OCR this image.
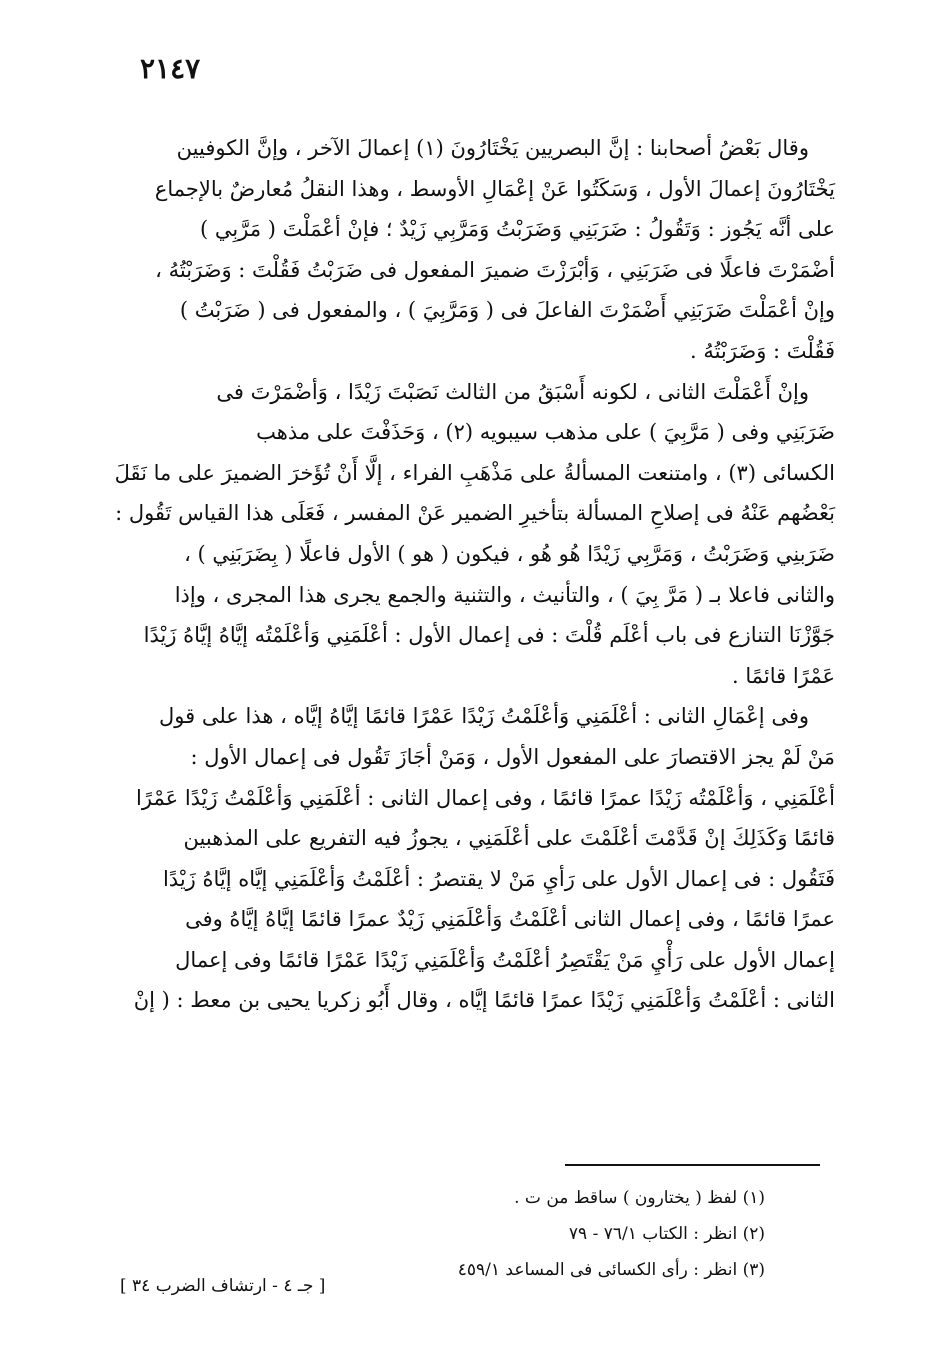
٢١٤٧

وقال بَعْضُ أصحابنا : إنَّ البصريين يَخْتَارُونَ (١) إعمالَ الآخر ، وإنَّ الكوفيين
يَخْتَارُونَ إعمالَ الأول ، وَسَكَتُوا عَنْ إعْمَالِ الأوسط ، وهذا النقلُ مُعارضٌ بالإجماع
على أنَّه يَجُوز : وَتَقُولُ : ضَرَبَنِي وَضَرَبْتُ وَمَرَّبِي زَيْدٌ ؛ فإنْ أعْمَلْتَ ( مَرَّبِي )
أضْمَرْتَ فاعلًا فى ضَرَبَنِي ، وَأبْرَزْتَ ضميرَ المفعول فى ضَرَبْتُ فَقُلْتَ : وَضَرَبْتُهُ ،
وإنْ أعْمَلْتَ ضَرَبَنِي أَضْمَرْتَ الفاعلَ فى ( وَمَرَّبِيَ ) ، والمفعول فى ( ضَرَبْتُ )
فَقُلْتَ : وَضَرَبْتُهُ .

وإنْ أَعْمَلْتَ الثانى ، لكونه أَسْبَقُ من الثالث نَصَبْتَ زَيْدًا ، وَأضْمَرْتَ فى
ضَرَبَنِي وفى ( مَرَّبِيَ ) على مذهب سيبويه (٢) ، وَحَذَفْتَ على مذهب
الكسائى (٣) ، وامتنعت المسألةُ على مَذْهَبِ الفراء ، إلَّا أَنْ تُؤَخرَ الضميرَ على ما نَقَلَ
بَعْضُهم عَنْهُ فى إصلاحِ المسألة بتأخيرِ الضمير عَنْ المفسر ، فَعَلَى هذا القياس تَقُول :
ضَرَبنِي وَضَرَبْتُ ، وَمَرَّبِي زَيْدًا هُو هُو ، فيكون ( هو ) الأول فاعلًا ( بِضَرَبَنِي ) ،
والثانى فاعلا بـ ( مَرَّ بِيَ ) ، والتأنيث ، والتثنية والجمع يجرى هذا المجرى ، وإذا
جَوَّزْنَا التنازع فى باب أعْلَم قُلْتَ : فى إعمال الأول : أعْلَمَنِي وَأعْلَمْتُه إيَّاهُ إيَّاهُ زَيْدًا
عَمْرًا قائمًا .

وفى إعْمَالِ الثانى : أعْلَمَنِي وَأعْلَمْتُ زَيْدًا عَمْرًا قائمًا إيَّاهُ إيَّاه ، هذا على قول
مَنْ لَمْ يجز الاقتصارَ على المفعول الأول ، وَمَنْ أجَازَ تَقُول فى إعمال الأول :
أعْلَمَنِي ، وَأعْلَمْتُه زَيْدًا عمرًا قائمًا ، وفى إعمال الثانى : أعْلَمَنِي وَأعْلَمْتُ زَيْدًا عَمْرًا
قائمًا وَكَذَلِكَ إنْ قَدَّمْتَ أعْلَمْتَ على أعْلَمَنِي ، يجوزُ فيه التفريع على المذهبين
فَتَقُول : فى إعمال الأول على رَأيِ مَنْ لا يقتصرُ : أعْلَمْتُ وَأعْلَمَنِي إيَّاه إيَّاهُ زَيْدًا
عمرًا قائمًا ، وفى إعمال الثانى أعْلَمْتُ وَأعْلَمَنِي زَيْدٌ عمرًا قائمًا إيَّاهُ إيَّاهُ وفى
إعمال الأول على رَأْيِ مَنْ يَقْتَصِرُ أعْلَمْتُ وَأعْلَمَنِي زَيْدًا عَمْرًا قائمًا وفى إعمال
الثانى : أعْلَمْتُ وَأعْلَمَنِي زَيْدًا عمرًا قائمًا إيَّاه ، وقال أَبُو زكريا يحيى بن معط : ( إنْ

(١) لفظ ( يختارون ) ساقط من ت .
(٢) انظر : الكتاب ٧٦/١ - ٧٩
(٣) انظر : رأى الكسائى فى المساعد ٤٥٩/١
[ جـ ٤ - ارتشاف الضرب ٣٤ ]
